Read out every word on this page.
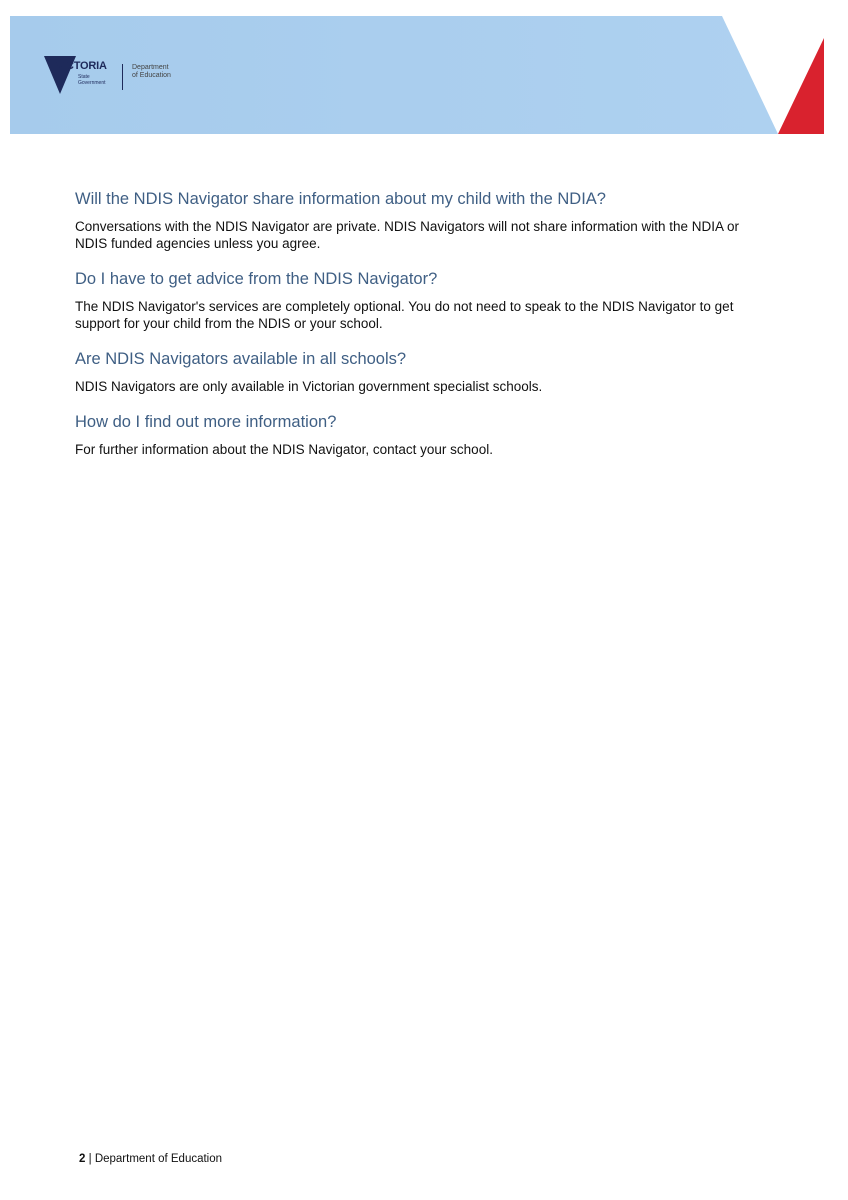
VICTORIA
State
Government
Department
of Education
Will the NDIS Navigator share information about my child with the NDIA?

Conversations with the NDIS Navigator are private. NDIS Navigators will not share information with the NDIA or NDIS funded agencies unless you agree.

Do I have to get advice from the NDIS Navigator?

The NDIS Navigator's services are completely optional. You do not need to speak to the NDIS Navigator to get support for your child from the NDIS or your school.

Are NDIS Navigators available in all schools?

NDIS Navigators are only available in Victorian government specialist schools.

How do I find out more information?

For further information about the NDIS Navigator, contact your school.

2 | Department of Education
